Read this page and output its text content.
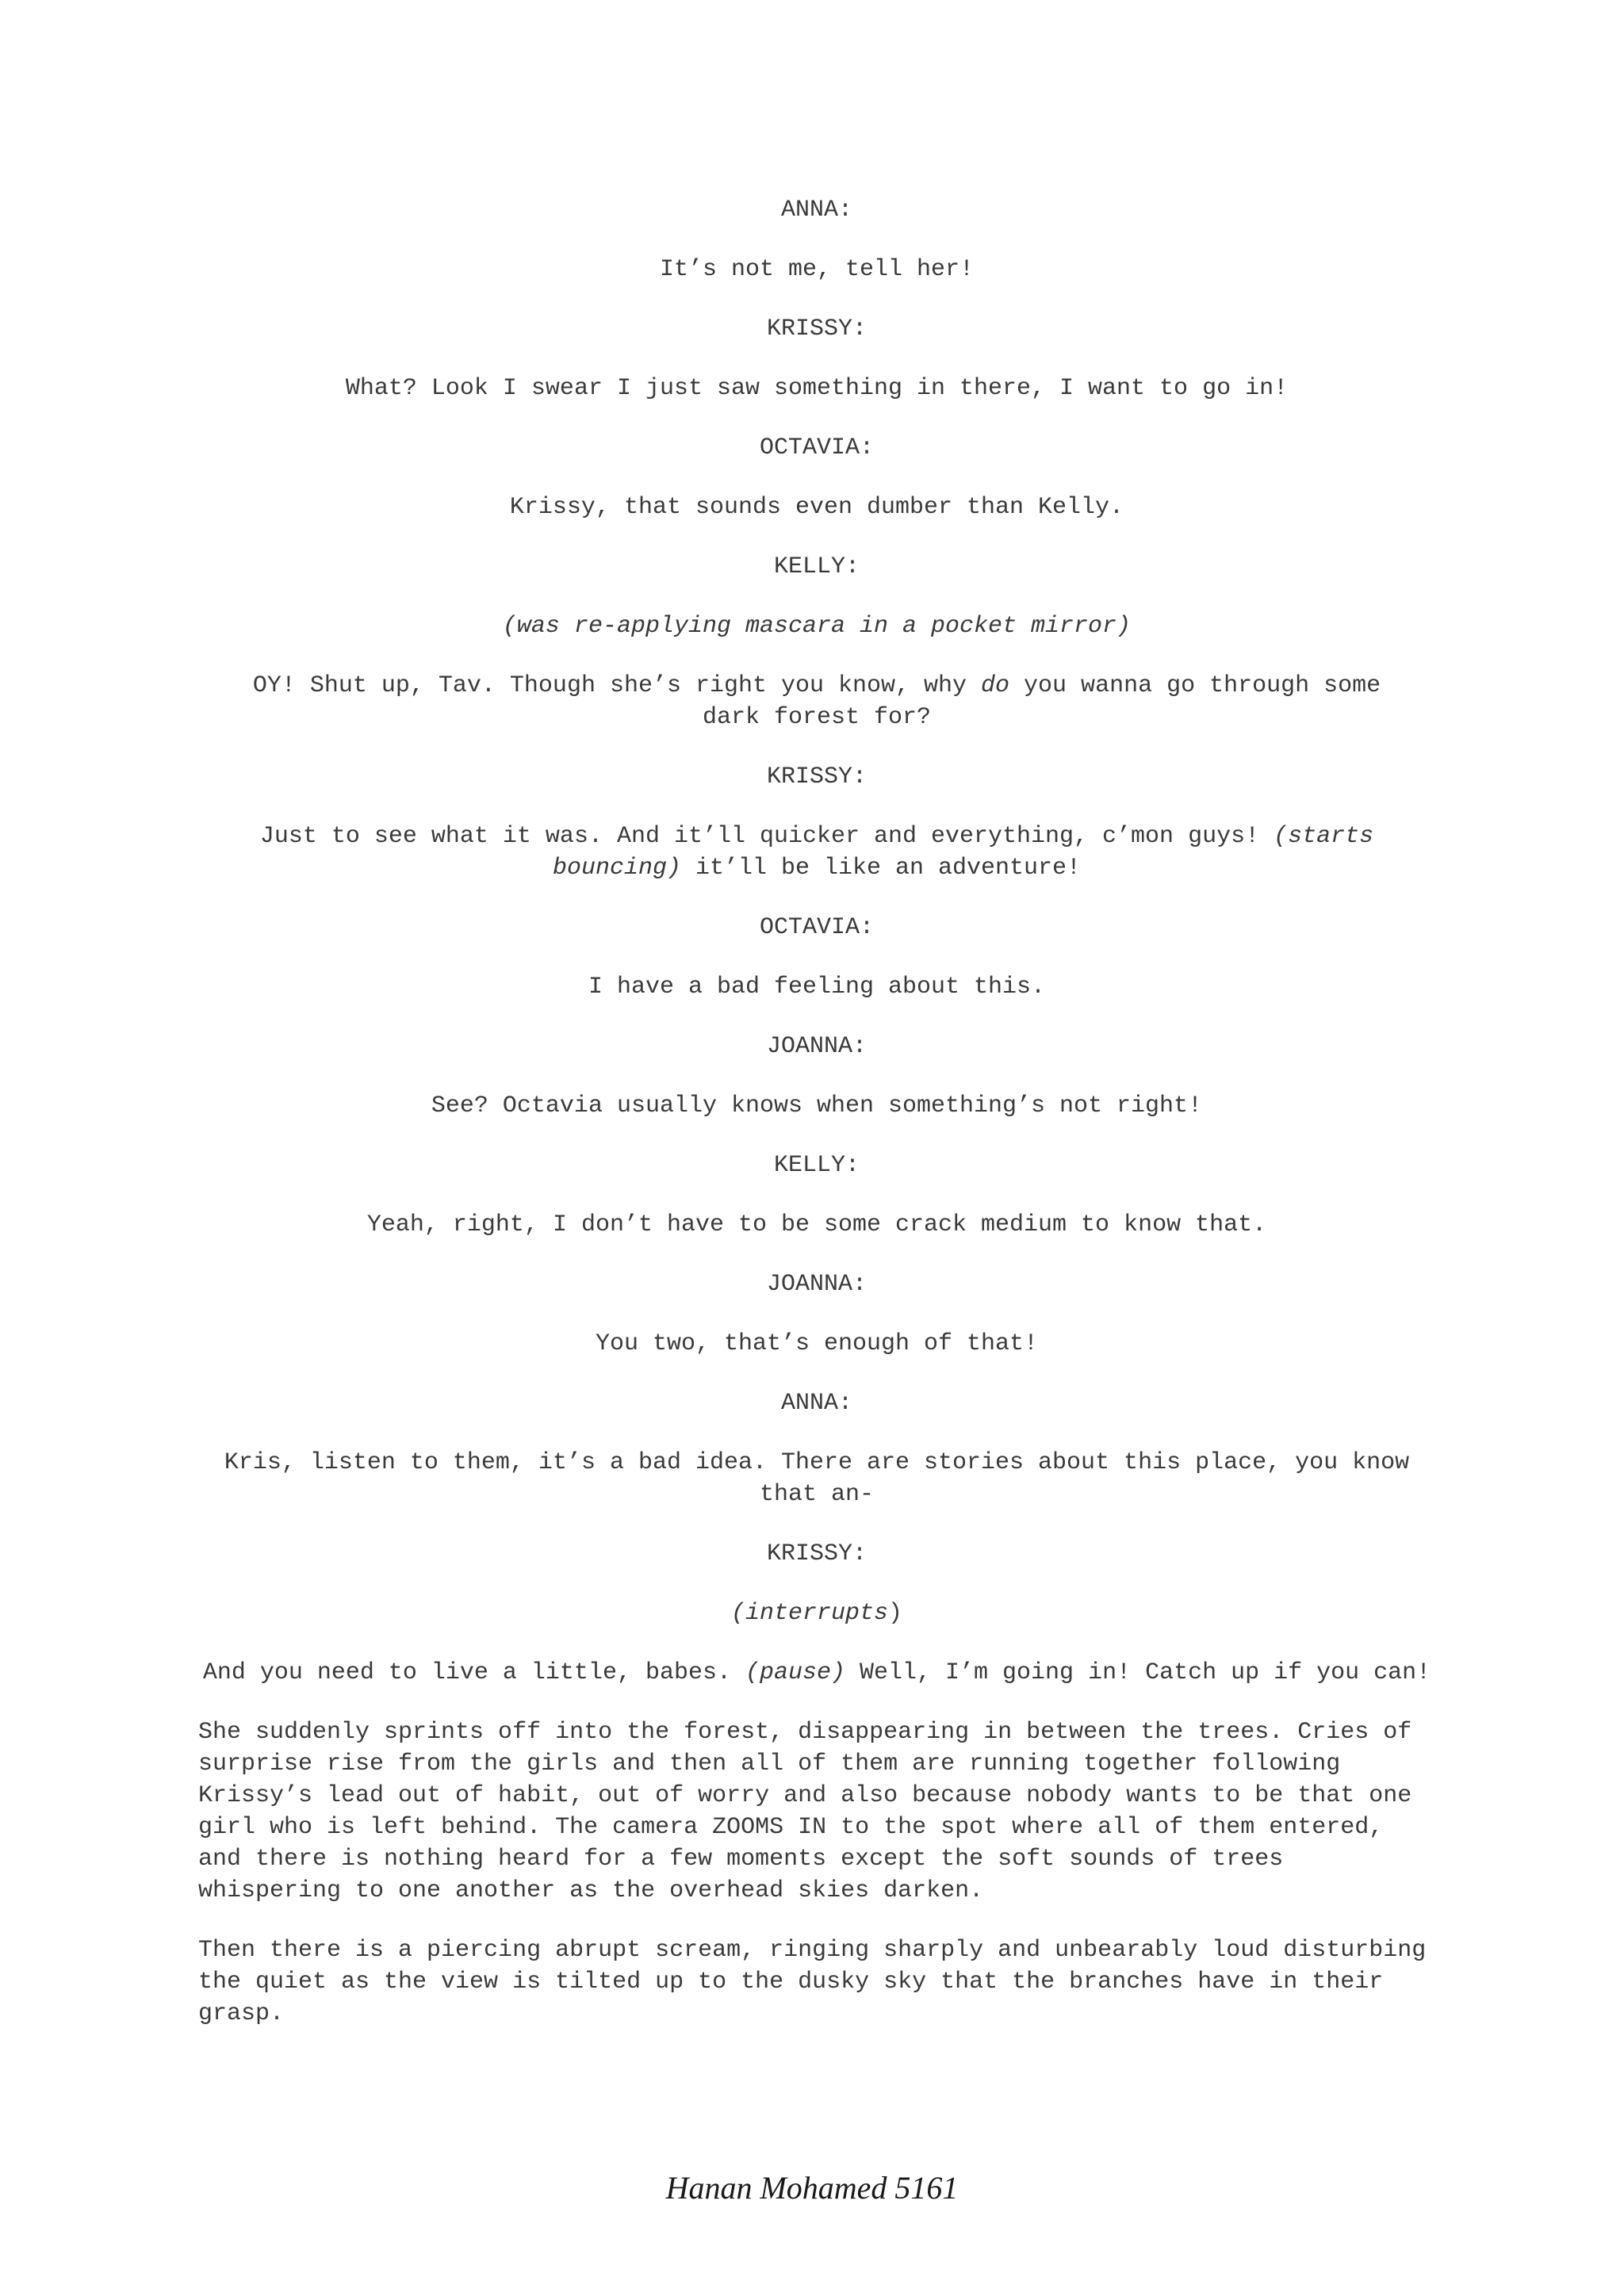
ANNA:
It’s not me, tell her!
KRISSY:
What? Look I swear I just saw something in there, I want to go in!
OCTAVIA:
Krissy, that sounds even dumber than Kelly.
KELLY:
(was re-applying mascara in a pocket mirror)
OY! Shut up, Tav. Though she’s right you know, why do you wanna go through some dark forest for?
KRISSY:
Just to see what it was. And it’ll quicker and everything, c’mon guys! (starts bouncing) it’ll be like an adventure!
OCTAVIA:
I have a bad feeling about this.
JOANNA:
See? Octavia usually knows when something’s not right!
KELLY:
Yeah, right, I don’t have to be some crack medium to know that.
JOANNA:
You two, that’s enough of that!
ANNA:
Kris, listen to them, it’s a bad idea. There are stories about this place, you know that an-
KRISSY:
(interrupts)
And you need to live a little, babes. (pause) Well, I’m going in! Catch up if you can!
She suddenly sprints off into the forest, disappearing in between the trees. Cries of surprise rise from the girls and then all of them are running together following Krissy’s lead out of habit, out of worry and also because nobody wants to be that one girl who is left behind. The camera ZOOMS IN to the spot where all of them entered, and there is nothing heard for a few moments except the soft sounds of trees whispering to one another as the overhead skies darken.
Then there is a piercing abrupt scream, ringing sharply and unbearably loud disturbing the quiet as the view is tilted up to the dusky sky that the branches have in their grasp.
Hanan Mohamed 5161
